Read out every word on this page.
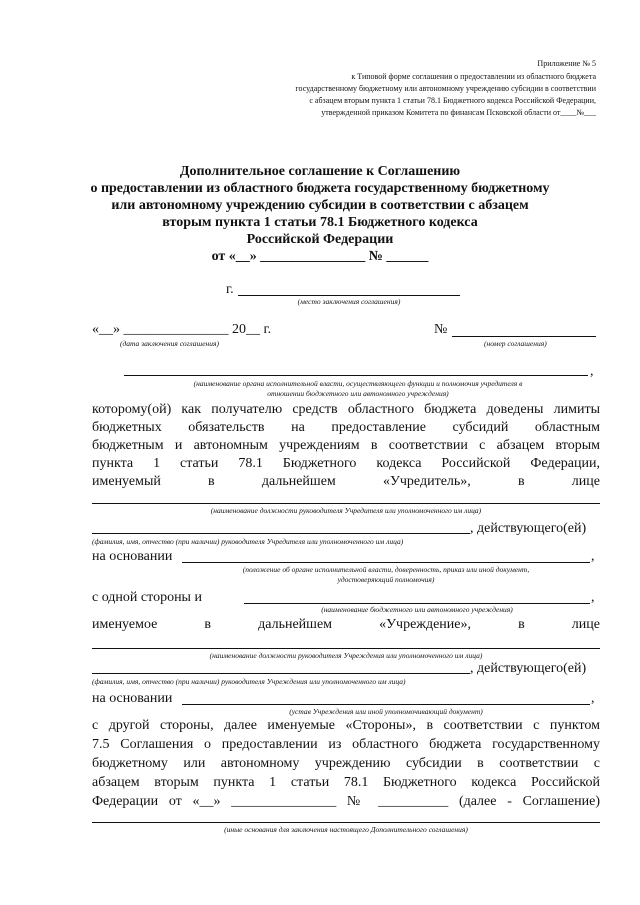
Приложение № 5
к Типовой форме соглашения о предоставлении из областного бюджета
государственному бюджетному или автономному учреждению субсидии в соответствии
с абзацем вторым пункта 1 статьи 78.1 Бюджетного кодекса Российской Федерации,
утвержденной приказом Комитета по финансам Псковской области от____№___
Дополнительное соглашение к Соглашению
о предоставлении из областного бюджета государственному бюджетному
или автономному учреждению субсидии в соответствии с абзацем
вторым пункта 1 статьи 78.1 Бюджетного кодекса
Российской Федерации
от «__» _______________ № ______
г.
(место заключения соглашения)
«__» _______________ 20__ г.
(дата заключения соглашения)
№
(номер соглашения)
,
(наименование органа исполнительной власти, осуществляющего функции и полномочия учредителя в
отношении бюджетного или автономного учреждения)
которому(ой) как получателю средств областного бюджета доведены лимиты
бюджетных обязательств на предоставление субсидий областным
бюджетным и автономным учреждениям в соответствии с абзацем вторым
пункта 1 статьи 78.1 Бюджетного кодекса Российской Федерации,
именуемый в дальнейшем «Учредитель», в лице
(наименование должности руководителя Учредителя или уполномоченного им лица)
, действующего(ей)
(фамилия, имя, отчество (при наличии) руководителя Учредителя или уполномоченного им лица)
на основании	,
(положение об органе исполнительной власти, доверенность, приказ или иной документ,
удостоверяющий полномочия)
с одной стороны и	,
(наименование бюджетного или автономного учреждения)
именуемое в дальнейшем «Учреждение», в лице
(наименование должности руководителя Учреждения или уполномоченного им лица)
, действующего(ей)
(фамилия, имя, отчество (при наличии) руководителя Учреждения или уполномоченного им лица)
на основании	,
(устав Учреждения или иной уполномочивающий документ)
с другой стороны, далее именуемые «Стороны», в соответствии с пунктом
7.5 Соглашения о предоставлении из областного бюджета государственному
бюджетному или автономному учреждению субсидии в соответствии с
абзацем вторым пункта 1 статьи 78.1 Бюджетного кодекса Российской
Федерации от «__» _______________ № __________ (далее - Соглашение)
(иные основания для заключения настоящего Дополнительного соглашения)
